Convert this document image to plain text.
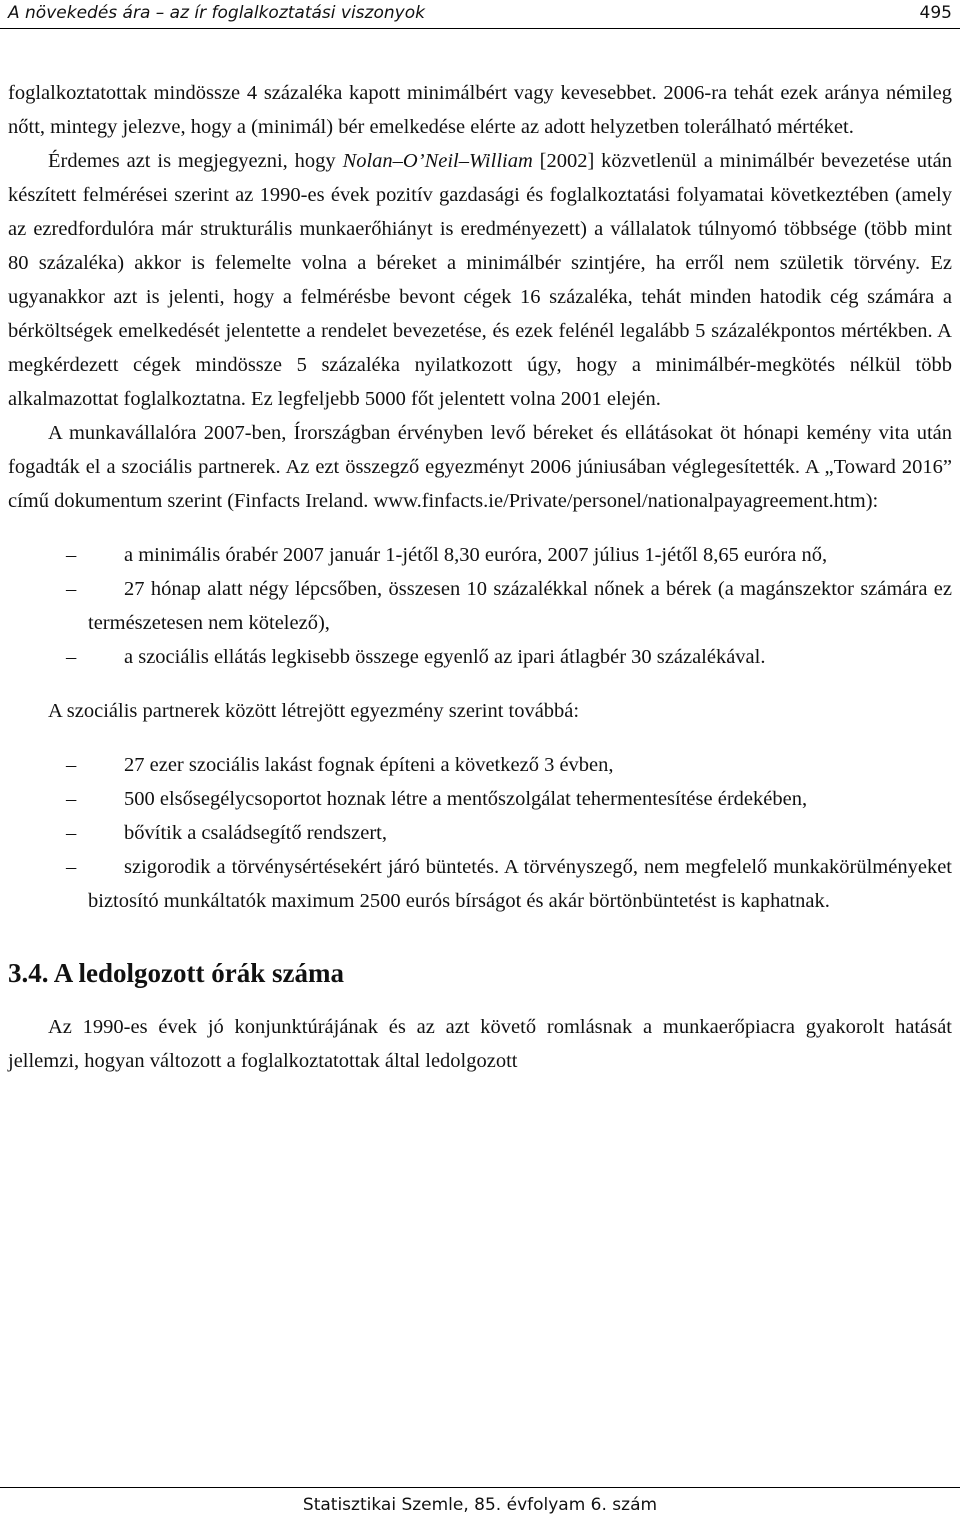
A növekedés ára – az ír foglalkoztatási viszonyok	495

foglalkoztatottak mindössze 4 százaléka kapott minimálbért vagy kevesebbet. 2006-ra tehát ezek aránya némileg nőtt, mintegy jelezve, hogy a (minimál) bér emelkedése elérte az adott helyzetben tolerálható mértéket.

Érdemes azt is megjegyezni, hogy Nolan–O’Neil–William [2002] közvetlenül a minimálbér bevezetése után készített felmérései szerint az 1990-es évek pozitív gazdasági és foglalkoztatási folyamatai következtében (amely az ezredfordulóra már strukturális munkaerőhiányt is eredményezett) a vállalatok túlnyomó többsége (több mint 80 százaléka) akkor is felemelte volna a béreket a minimálbér szintjére, ha erről nem születik törvény. Ez ugyanakkor azt is jelenti, hogy a felmérésbe bevont cégek 16 százaléka, tehát minden hatodik cég számára a bérköltségek emelkedését jelentette a rendelet bevezetése, és ezek felénél legalább 5 százalékpontos mértékben. A megkérdezett cégek mindössze 5 százaléka nyilatkozott úgy, hogy a minimálbér-megkötés nélkül több alkalmazottat foglalkoztatna. Ez legfeljebb 5000 főt jelentett volna 2001 elején.

A munkavállalóra 2007-ben, Írországban érvényben levő béreket és ellátásokat öt hónapi kemény vita után fogadták el a szociális partnerek. Az ezt összegző egyezményt 2006 júniusában véglegesítették. A „Toward 2016” című dokumentum szerint (Finfacts Ireland. www.finfacts.ie/Private/personel/nationalpayagreement.htm):

– a minimális órabér 2007 január 1-jétől 8,30 euróra, 2007 július 1-jétől 8,65 euróra nő,

– 27 hónap alatt négy lépcsőben, összesen 10 százalékkal nőnek a bérek (a magánszektor számára ez természetesen nem kötelező),

– a szociális ellátás legkisebb összege egyenlő az ipari átlagbér 30 százalékával.

A szociális partnerek között létrejött egyezmény szerint továbbá:

– 27 ezer szociális lakást fognak építeni a következő 3 évben,

– 500 elsősegélycsoportot hoznak létre a mentőszolgálat tehermentesítése érdekében,

– bővítik a családsegítő rendszert,

– szigorodik a törvénysértésekért járó büntetés. A törvényszegő, nem megfelelő munkakörülményeket biztosító munkáltatók maximum 2500 eurós bírságot és akár börtönbüntetést is kaphatnak.

3.4. A ledolgozott órák száma

Az 1990-es évek jó konjunktúrájának és az azt követő romlásnak a munkaerőpiacra gyakorolt hatását jellemzi, hogyan változott a foglalkoztatottak által ledolgozott

Statisztikai Szemle, 85. évfolyam 6. szám
